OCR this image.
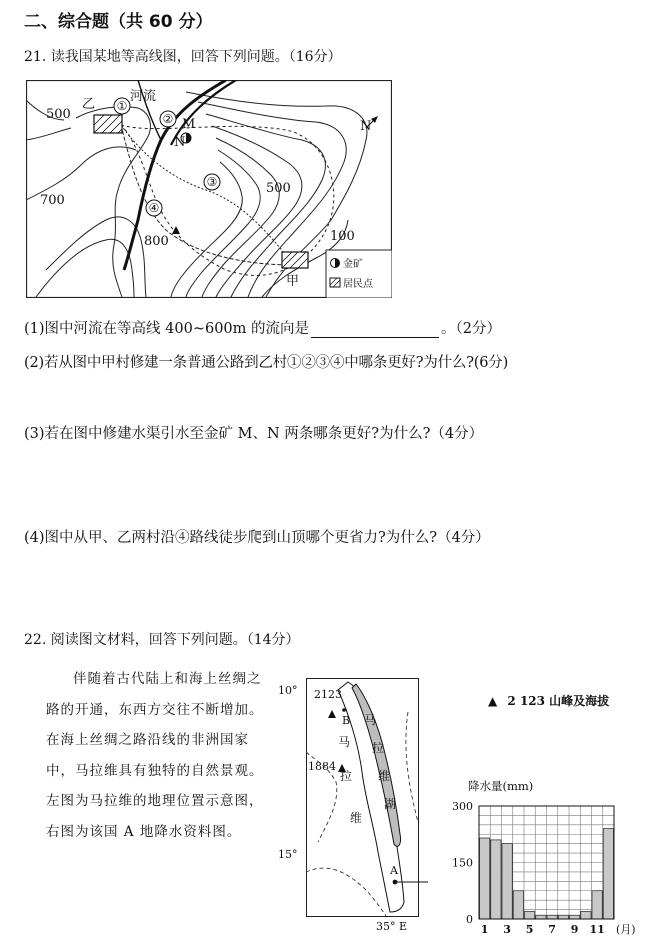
二、综合题（共 60 分）
21. 读我国某地等高线图，回答下列问题。（16分）
①
②
③
④
河流
乙
甲
M
N
500
500
700
800	100
N
金矿
居民点
(1)图中河流在等高线 400~600m 的流向是	。（2分）
(2)若从图中甲村修建一条普通公路到乙村①②③④中哪条更好?为什么?(6分)
(3)若在图中修建水渠引水至金矿 M、N 两条哪条更好?为什么?（4分）
(4)图中从甲、乙两村沿④路线徒步爬到山顶哪个更省力?为什么?（4分）
22. 阅读图文材料，回答下列问题。（14分）
伴随着古代陆上和海上丝绸之路的开通，东西方交往不断增加。在海上丝绸之路沿线的非洲国家中，马拉维具有独特的自然景观。左图为马拉维的地理位置示意图，右图为该国 A 地降水资料图。
10°
15°
35° E
2123
1884
B
A
马
拉
维
马
拉
维
湖
▲ 2 123 山峰及海拔
降水量(mm)
0
150
300
1 3 5 7 9 11 (月)
